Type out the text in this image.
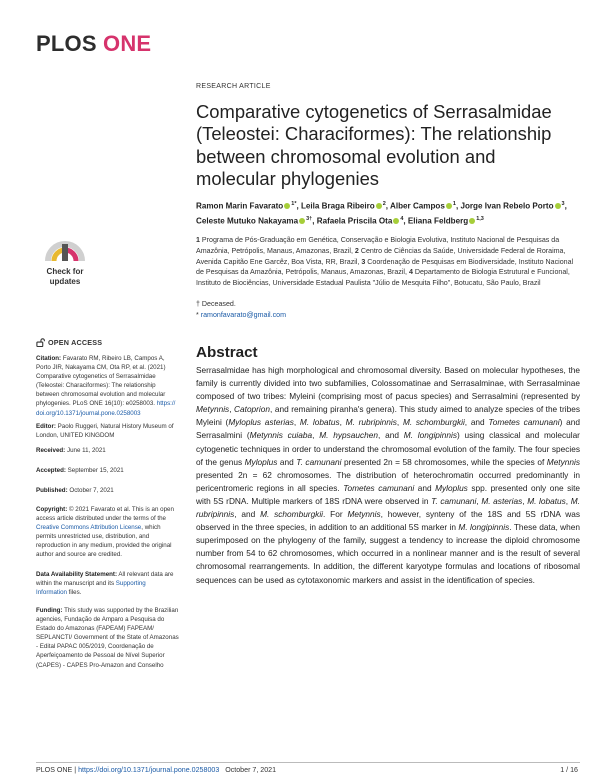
PLOS ONE
RESEARCH ARTICLE
Comparative cytogenetics of Serrasalmidae (Teleostei: Characiformes): The relationship between chromosomal evolution and molecular phylogenies
Ramon Marin Favarato $^{1*}$, Leila Braga Ribeiro $^2$, Alber Campos $^1$, Jorge Ivan Rebelo Porto $^3$, Celeste Mutuko Nakayama $^{3\dagger}$, Rafaela Priscila Ota $^4$, Eliana Feldberg $^{1,3}$
1 Programa de Pós-Graduação em Genética, Conservação e Biologia Evolutiva, Instituto Nacional de Pesquisas da Amazônia, Petrópolis, Manaus, Amazonas, Brazil, 2 Centro de Ciências da Saúde, Universidade Federal de Roraima, Avenida Capitão Ene Garcêz, Boa Vista, RR, Brazil, 3 Coordenação de Pesquisas em Biodiversidade, Instituto Nacional de Pesquisas da Amazônia, Petrópolis, Manaus, Amazonas, Brazil, 4 Departamento de Biologia Estrutural e Funcional, Instituto de Biociências, Universidade Estadual Paulista "Júlio de Mesquita Filho", Botucatu, São Paulo, Brazil
† Deceased.
* ramonfavarato@gmail.com
Abstract

Serrasalmidae has high morphological and chromosomal diversity. Based on molecular hypotheses, the family is currently divided into two subfamilies, Colossomatinae and Serrasalminae, with Serrasalminae composed of two tribes: Myleini (comprising most of pacus species) and Serrasalmini (represented by Metynnis, Catoprion, and remaining piranha's genera). This study aimed to analyze species of the tribes Myleini (Myloplus asterias, M. lobatus, M. rubripinnis, M. schomburgkii, and Tometes camunani) and Serrasalmini (Metynnis cuiaba, M. hypsauchen, and M. longipinnis) using classical and molecular cytogenetic techniques in order to understand the chromosomal evolution of the family. The four species of the genus Myloplus and T. camunani presented 2n = 58 chromosomes, while the species of Metynnis presented 2n = 62 chromosomes. The distribution of heterochromatin occurred predominantly in pericentromeric regions in all species. Tometes camunani and Myloplus spp. presented only one site with 5S rDNA. Multiple markers of 18S rDNA were observed in T. camunani, M. asterias, M. lobatus, M. rubripinnis, and M. schomburgkii. For Metynnis, however, synteny of the 18S and 5S rDNA was observed in the three species, in addition to an additional 5S marker in M. longipinnis. These data, when superimposed on the phylogeny of the family, suggest a tendency to increase the diploid chromosome number from 54 to 62 chromosomes, which occurred in a nonlinear manner and is the result of several chromosomal rearrangements. In addition, the different karyotype formulas and locations of ribosomal sequences can be used as cytotaxonomic markers and assist in the identification of species.

Check for
updates
OPEN ACCESS
Citation: Favarato RM, Ribeiro LB, Campos A,
Porto JIR, Nakayama CM, Ota RP, et al. (2021)
Comparative cytogenetics of Serrasalmidae
(Teleostei: Characiformes): The relationship
between chromosomal evolution and molecular
phylogenies. PLoS ONE 16(10): e0258003. https://
doi.org/10.1371/journal.pone.0258003
Editor: Paolo Ruggeri, Natural History Museum of
London, UNITED KINGDOM
Received: June 11, 2021
Accepted: September 15, 2021
Published: October 7, 2021
Copyright: © 2021 Favarato et al. This is an open
access article distributed under the terms of the
Creative Commons Attribution License, which
permits unrestricted use, distribution, and
reproduction in any medium, provided the original
author and source are credited.
Data Availability Statement: All relevant data are
within the manuscript and its Supporting
Information files.
Funding: This study was supported by the Brazilian
agencies, Fundação de Amparo a Pesquisa do
Estado do Amazonas (FAPEAM) FAPEAM/
SEPLANCTI/ Government of the State of Amazonas
- Edital PAPAC 005/2019, Coordenação de
Aperfeiçoamento de Pessoal de Nível Superior
(CAPES) - CAPES Pro-Amazon and Conselho
PLOS ONE | https://doi.org/10.1371/journal.pone.0258003 October 7, 2021	1 / 16
